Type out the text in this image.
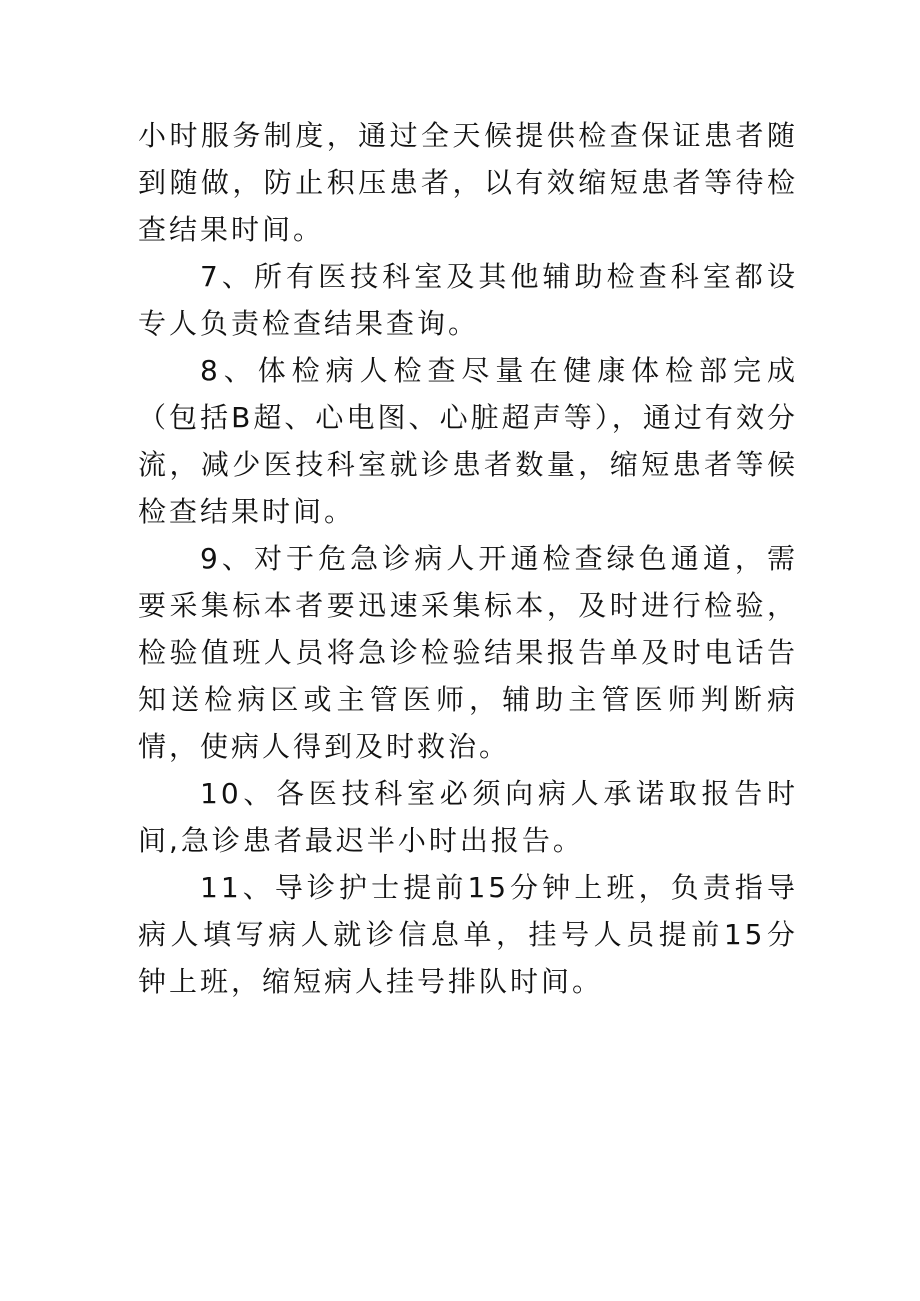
小时服务制度，通过全天候提供检查保证患者随到随做，防止积压患者，以有效缩短患者等待检查结果时间。

7、所有医技科室及其他辅助检查科室都设专人负责检查结果查询。

8、体检病人检查尽量在健康体检部完成（包括B超、心电图、心脏超声等），通过有效分流，减少医技科室就诊患者数量，缩短患者等候检查结果时间。

9、对于危急诊病人开通检查绿色通道，需要采集标本者要迅速采集标本，及时进行检验，检验值班人员将急诊检验结果报告单及时电话告知送检病区或主管医师，辅助主管医师判断病情，使病人得到及时救治。

10、各医技科室必须向病人承诺取报告时间,急诊患者最迟半小时出报告。

11、导诊护士提前15分钟上班，负责指导病人填写病人就诊信息单，挂号人员提前15分钟上班，缩短病人挂号排队时间。
